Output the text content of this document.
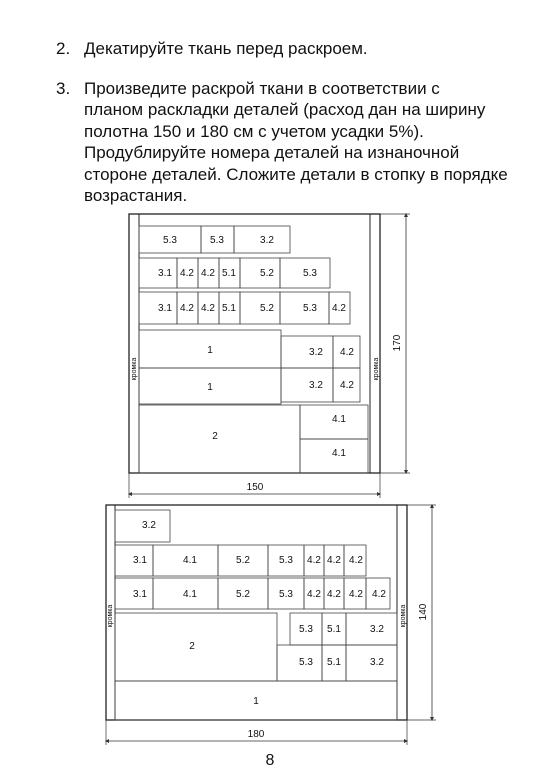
2. Декатируйте ткань перед раскроем.
3. Произведите раскрой ткани в соответствии с
планом раскладки деталей (расход дан на ширину
полотна 150 и 180 см с учетом усадки 5%).
Продублируйте номера деталей на изнаночной
стороне деталей. Сложите детали в стопку в порядке
возрастания.
5.3	5.3	3.2
3.1 4.2 4.2 5.1 5.2	5.3
3.1 4.2 4.2 5.1 5.2	5.3 4.2
1	3.2 4.2
1	3.2 4.2
2
4.1
4.1
кромка	кромка
150
170
3.2
3.1	4.1	5.2	5.3 4.2 4.2 4.2
3.1	4.1	5.2	5.3 4.2 4.2 4.2 4.2
2
5.3 5.1	3.2
5.3 5.1	3.2
1
кромка	кромка
180
140
8
